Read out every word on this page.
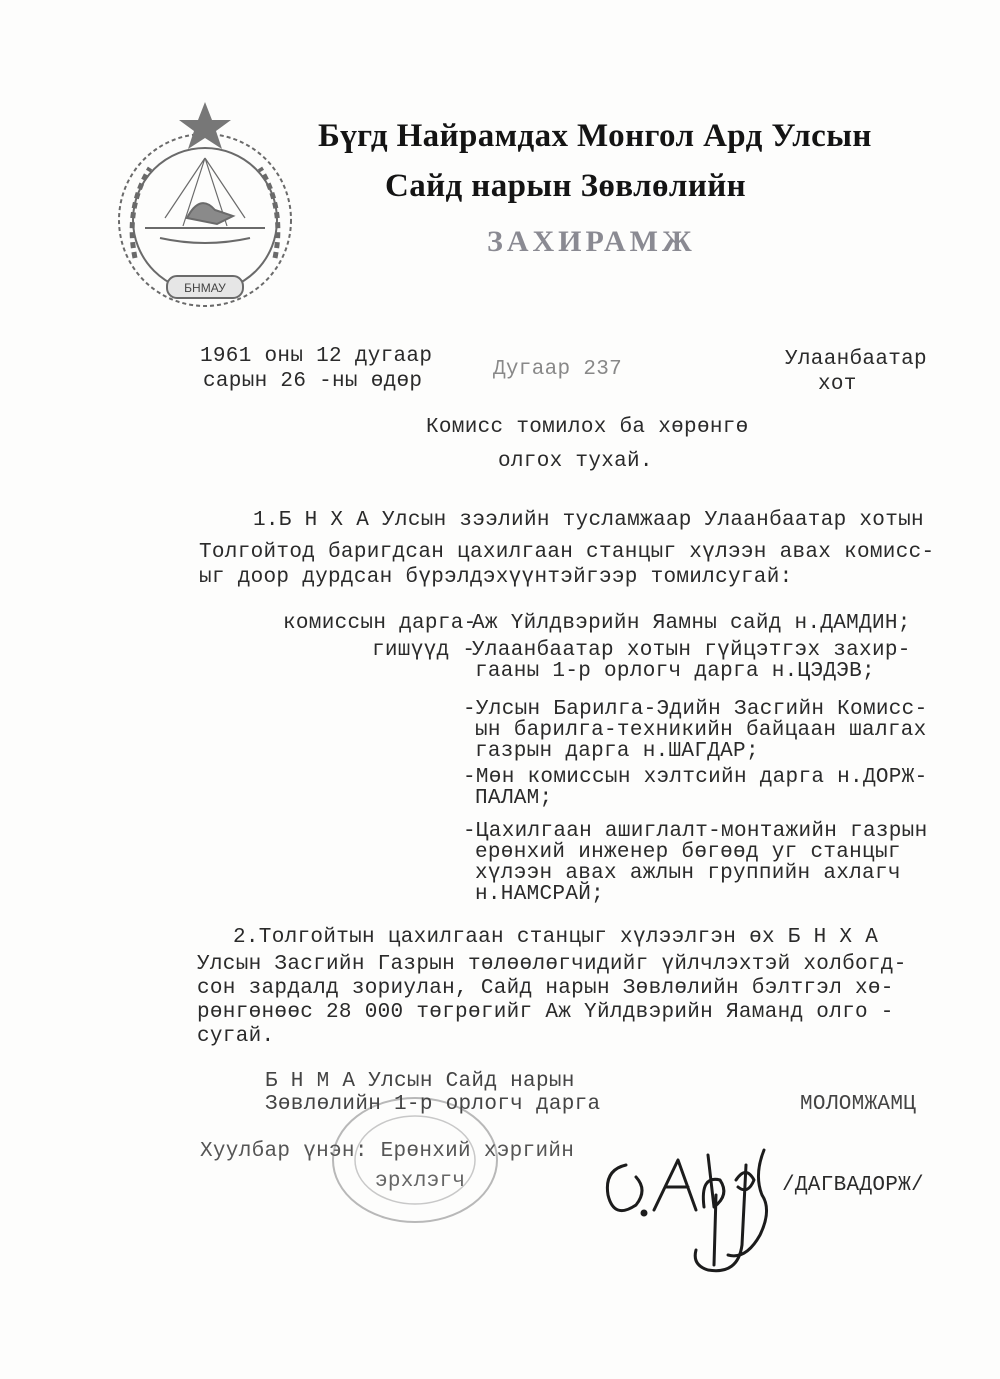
БНМАУ
Бүгд Найрамдах Монгол Ард Улсын
Сайд нарын Зөвлөлийн
ЗАХИРАМЖ
1961 оны 12 дугаар
сарын 26 -ны өдөр
Дугаар 237	Улаанбаатар
хот
Комисс томилох ба хөрөнгө
олгох тухай.
1.Б Н Х А Улсын зээлийн тусламжаар Улаанбаатар хотын
Толгойтод баригдсан цахилгаан станцыг хүлээн авах комисс-
ыг доор дурдсан бүрэлдэхүүнтэйгээр томилсугай:
комиссын дарга-
Аж Үйлдвэрийн Яамны сайд н.ДАМДИН;
гишүүд -
Улаанбаатар хотын гүйцэтгэх захир-
гааны 1-р орлогч дарга н.ЦЭДЭВ;
-Улсын Барилга-Эдийн Засгийн Комисс-
ын барилга-техникийн байцаан шалгах
газрын дарга н.ШАГДАР;
-Мөн комиссын хэлтсийн дарга н.ДОРЖ-
ПАЛАМ;
-Цахилгаан ашиглалт-монтажийн газрын
ерөнхий инженер бөгөөд уг станцыг
хүлээн авах ажлын группийн ахлагч
н.НАМСРАЙ;
2.Толгойтын цахилгаан станцыг хүлээлгэн өх Б Н Х А
Улсын Засгийн Газрын төлөөлөгчидийг үйлчлэхтэй холбогд-
сон зардалд зориулан, Сайд нарын Зөвлөлийн бэлтгэл хө-
рөнгөнөөс 28 000 төгрөгийг Аж Үйлдвэрийн Яаманд олго -
сугай.
Б Н М А Улсын Сайд нарын
Зөвлөлийн 1-р орлогч дарга	МОЛОМЖАМЦ
Хуулбар үнэн: Ерөнхий хэргийн
эрхлэгч	/ДАГВАДОРЖ/
